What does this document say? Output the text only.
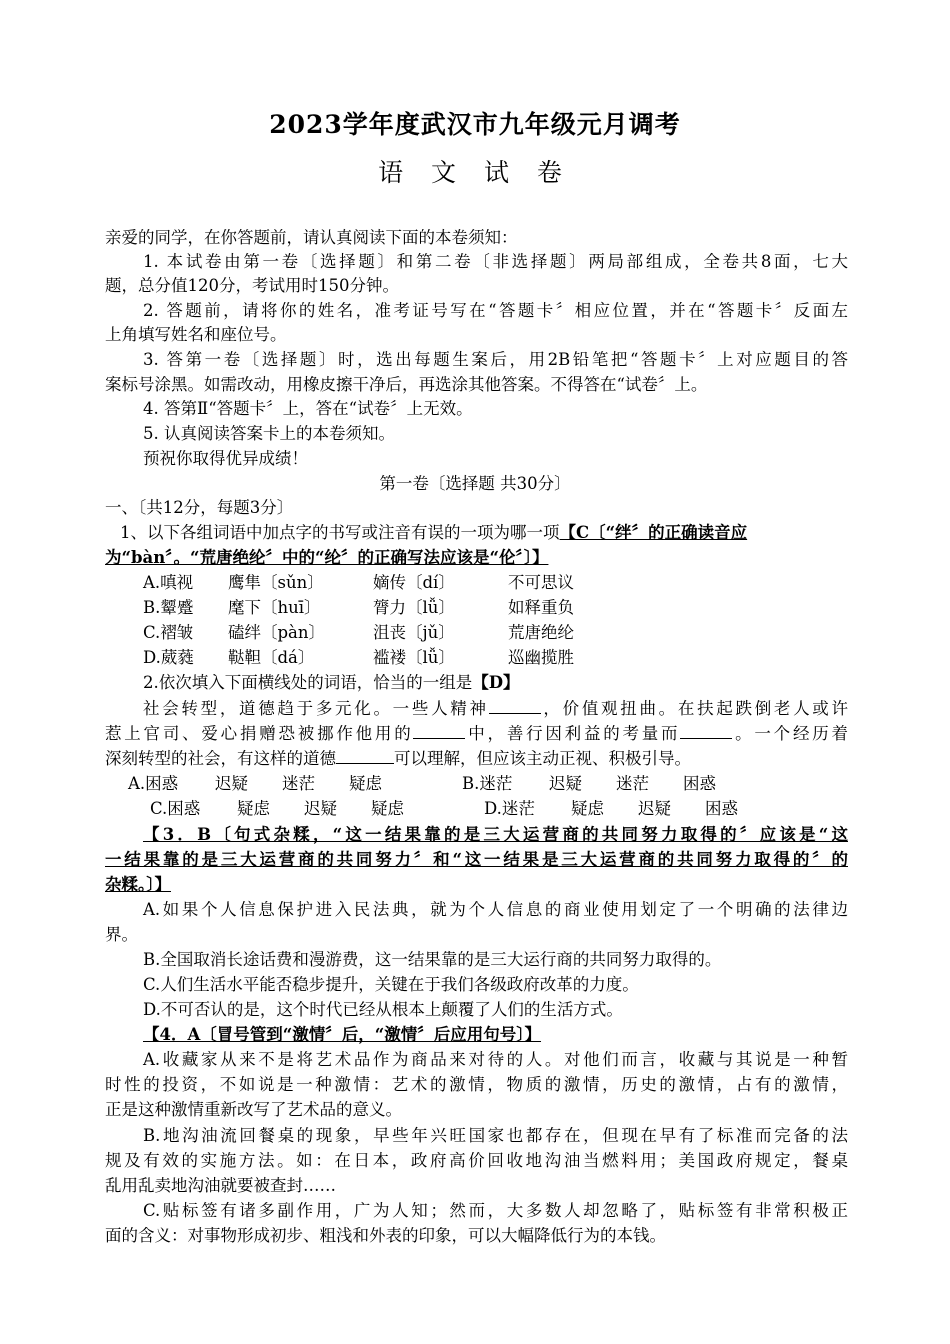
2023学年度武汉市九年级元月调考
语 文 试 卷
亲爱的同学，在你答题前，请认真阅读下面的本卷须知：
1. 本试卷由第一卷〔选择题〕和第二卷〔非选择题〕两局部组成，全卷共8面，七大
题，总分值120分，考试用时150分钟。
2. 答题前，请将你的姓名，准考证号写在“答题卡〞相应位置，并在“答题卡〞反面左
上角填写姓名和座位号。
3. 答第一卷〔选择题〕时，选出每题生案后，用2B铅笔把“答题卡〞上对应题目的答
案标号涂黑。如需改动，用橡皮擦干净后，再选涂其他答案。不得答在“试卷〞上。
4. 答第Ⅱ“答题卡〞上，答在“试卷〞上无效。
5. 认真阅读答案卡上的本卷须知。
预祝你取得优异成绩！
第一卷〔选择题 共30分〕
一、〔共12分，每题3分〕
1、以下各组词语中加点字的书写或注音有误的一项为哪一项【C〔“绊〞的正确读音应
为“bàn〞。“荒唐绝纶〞中的“纶〞的正确写法应该是“伦〞〕】
A.嗔视 鹰隼〔sǔn〕	嫡传〔dí〕	不可思议
B.颦蹙 麾下〔huī〕	膂力〔lǚ〕	如释重负
C.褶皱 磕绊〔pàn〕	沮丧〔jǔ〕	荒唐绝纶
D.葳蕤 鞑靼〔dá〕	褴褛〔lǚ〕	巡幽揽胜
2.依次填入下面横线处的词语，恰当的一组是【D】
社会转型，道德趋于多元化。一些人精神	，价值观扭曲。在扶起跌倒老人或许
惹上官司、爱心捐赠恐被挪作他用的	中，善行因利益的考量而	。一个经历着
深刻转型的社会，有这样的道德	可以理解，但应该主动正视、积极引导。
A.困惑 迟疑 迷茫 疑虑	B.迷茫 迟疑 迷茫 困惑
C.困惑 疑虑 迟疑 疑虑	D.迷茫 疑虑 迟疑 困惑
【3．B〔句式杂糅，“这一结果靠的是三大运营商的共同努力取得的〞应该是“这
一结果靠的是三大运营商的共同努力〞和“这一结果是三大运营商的共同努力取得的〞的
杂糅。〕】
A.如果个人信息保护进入民法典，就为个人信息的商业使用划定了一个明确的法律边
界。
B.全国取消长途话费和漫游费，这一结果靠的是三大运行商的共同努力取得的。
C.人们生活水平能否稳步提升，关键在于我们各级政府改革的力度。
D.不可否认的是，这个时代已经从根本上颠覆了人们的生活方式。
【4．A〔冒号管到“激情〞后，“激情〞后应用句号〕】
A.收藏家从来不是将艺术品作为商品来对待的人。对他们而言，收藏与其说是一种暂
时性的投资，不如说是一种激情：艺术的激情，物质的激情，历史的激情，占有的激情，
正是这种激情重新改写了艺术品的意义。
B.地沟油流回餐桌的现象，早些年兴旺国家也都存在，但现在早有了标准而完备的法
规及有效的实施方法。如：在日本，政府高价回收地沟油当燃料用；美国政府规定，餐桌
乱用乱卖地沟油就要被查封……
C.贴标签有诸多副作用，广为人知；然而，大多数人却忽略了，贴标签有非常积极正
面的含义：对事物形成初步、粗浅和外表的印象，可以大幅降低行为的本钱。
